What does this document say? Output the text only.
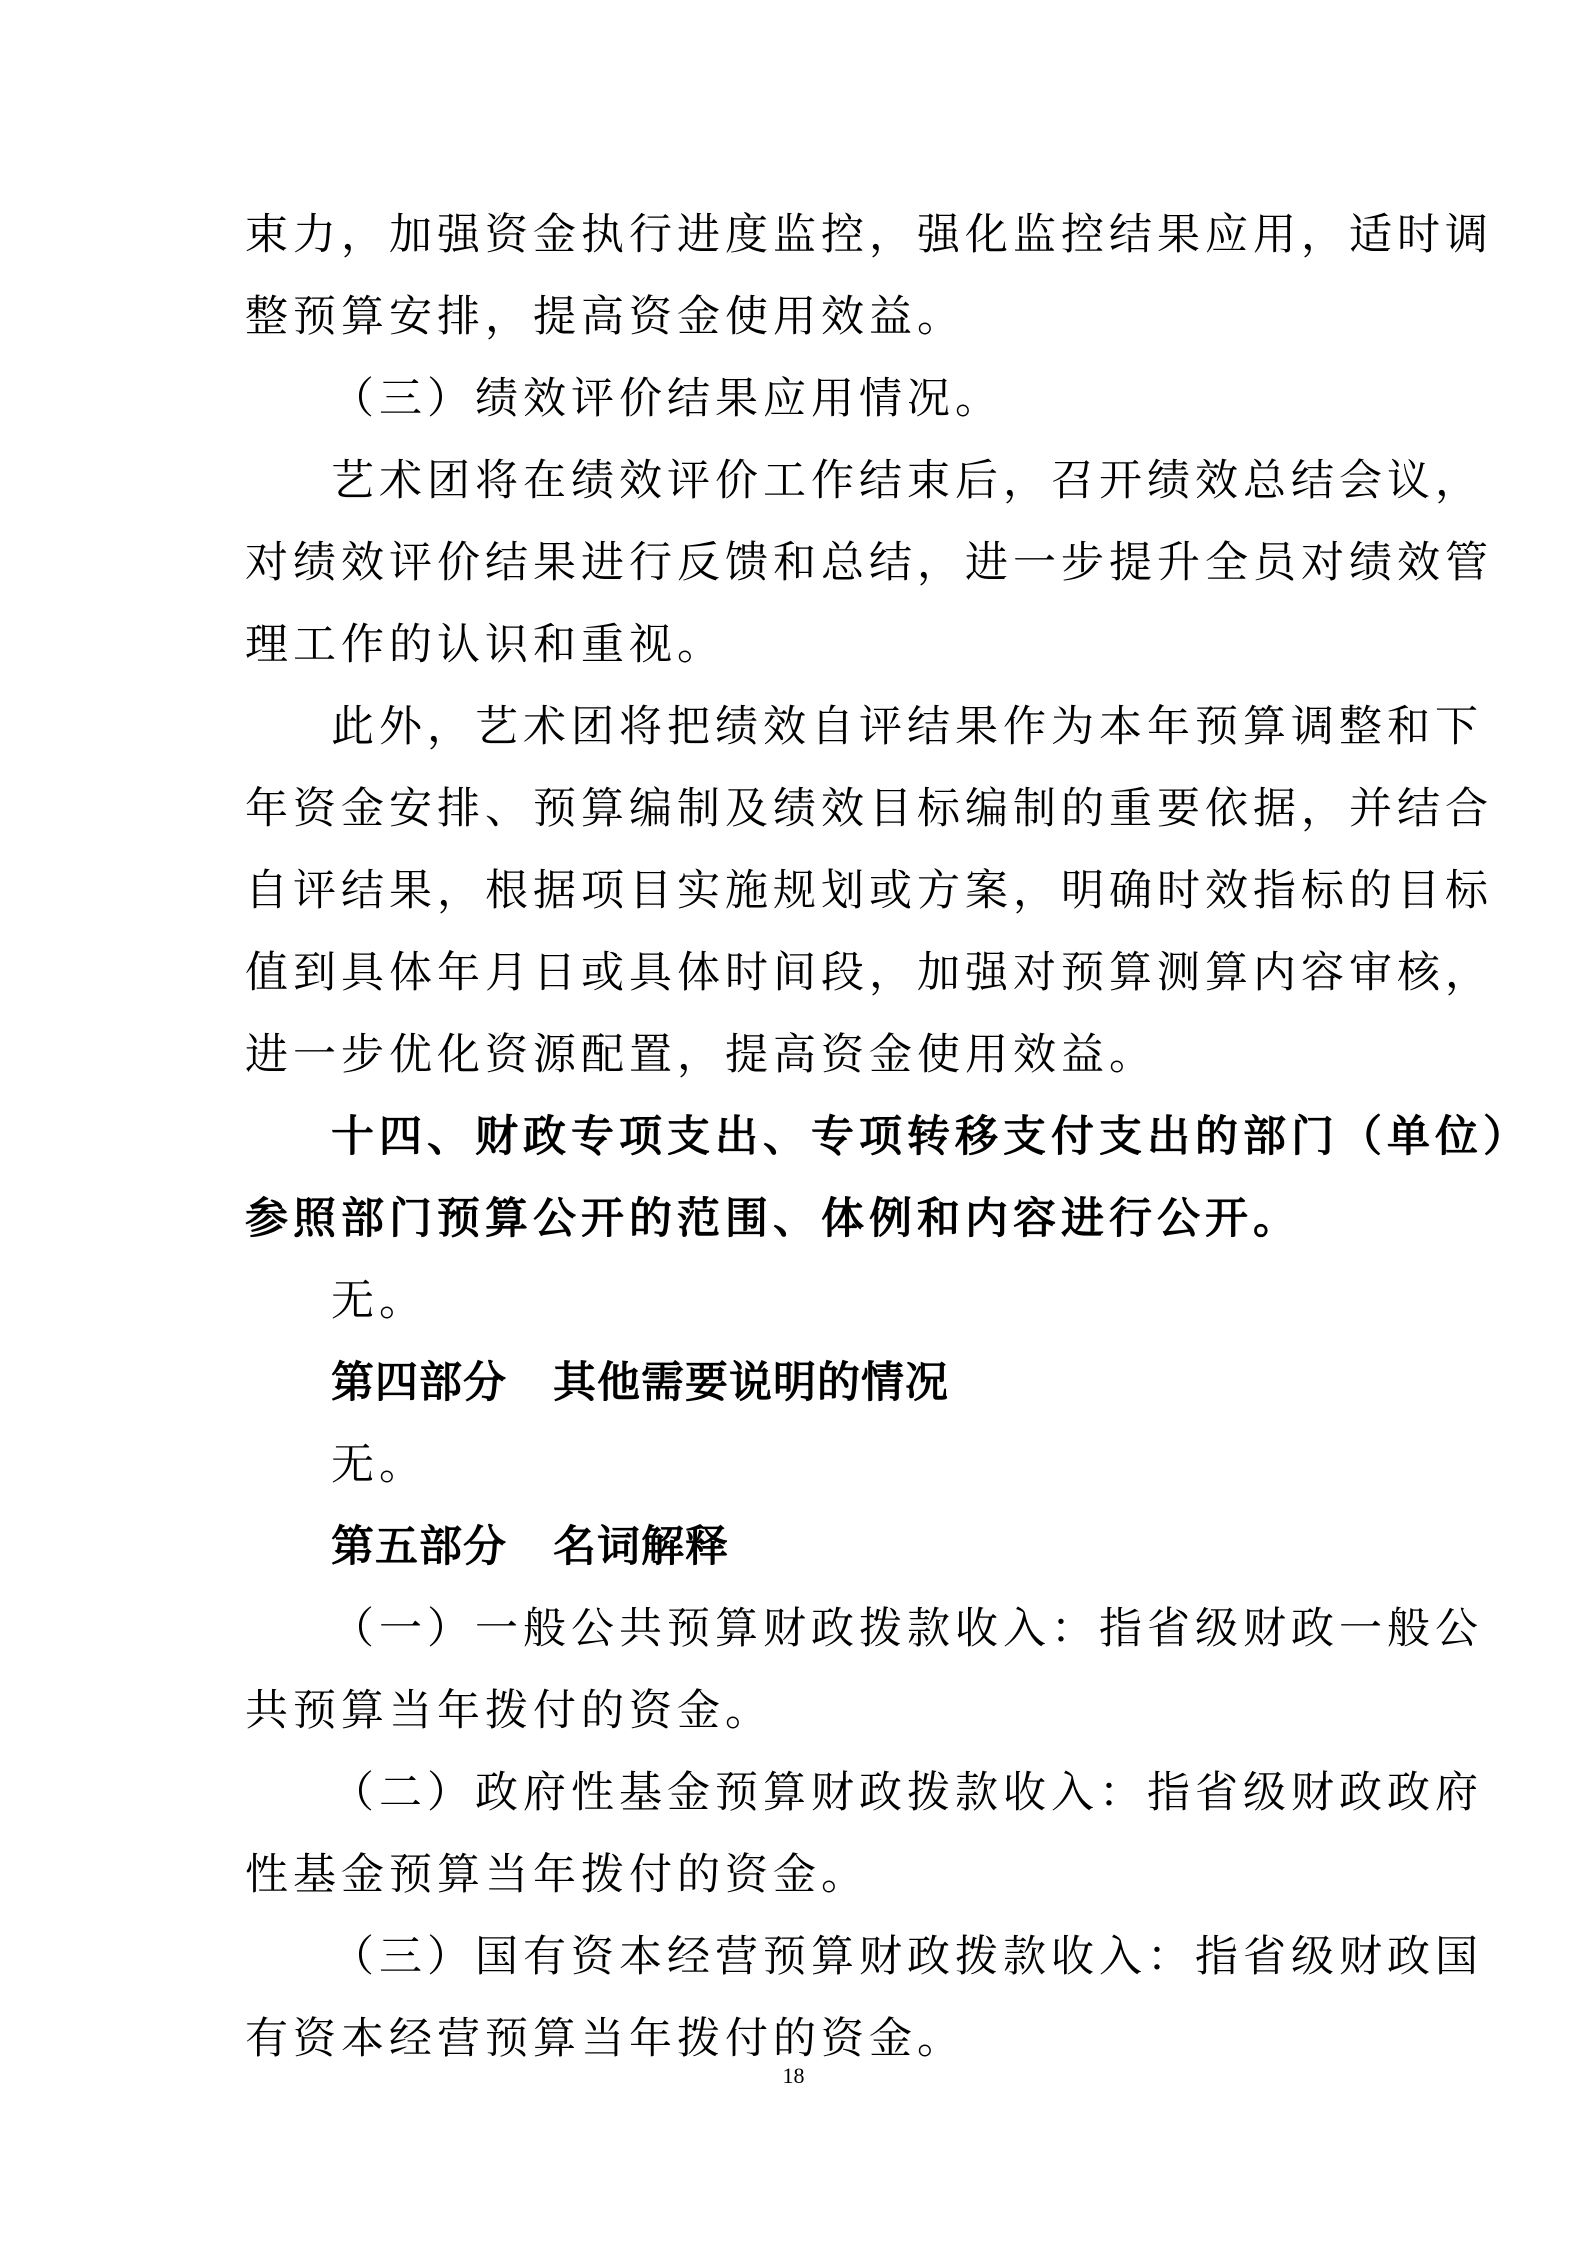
束力，加强资金执行进度监控，强化监控结果应用，适时调
整预算安排，提高资金使用效益。
（三）绩效评价结果应用情况。
艺术团将在绩效评价工作结束后，召开绩效总结会议，
对绩效评价结果进行反馈和总结，进一步提升全员对绩效管
理工作的认识和重视。
此外，艺术团将把绩效自评结果作为本年预算调整和下
年资金安排、预算编制及绩效目标编制的重要依据，并结合
自评结果，根据项目实施规划或方案，明确时效指标的目标
值到具体年月日或具体时间段，加强对预算测算内容审核，
进一步优化资源配置，提高资金使用效益。
十四、财政专项支出、专项转移支付支出的部门（单位）
参照部门预算公开的范围、体例和内容进行公开。
无。
第四部分 其他需要说明的情况
无。
第五部分 名词解释
（一）一般公共预算财政拨款收入：指省级财政一般公
共预算当年拨付的资金。
（二）政府性基金预算财政拨款收入：指省级财政政府
性基金预算当年拨付的资金。
（三）国有资本经营预算财政拨款收入：指省级财政国
有资本经营预算当年拨付的资金。
18
